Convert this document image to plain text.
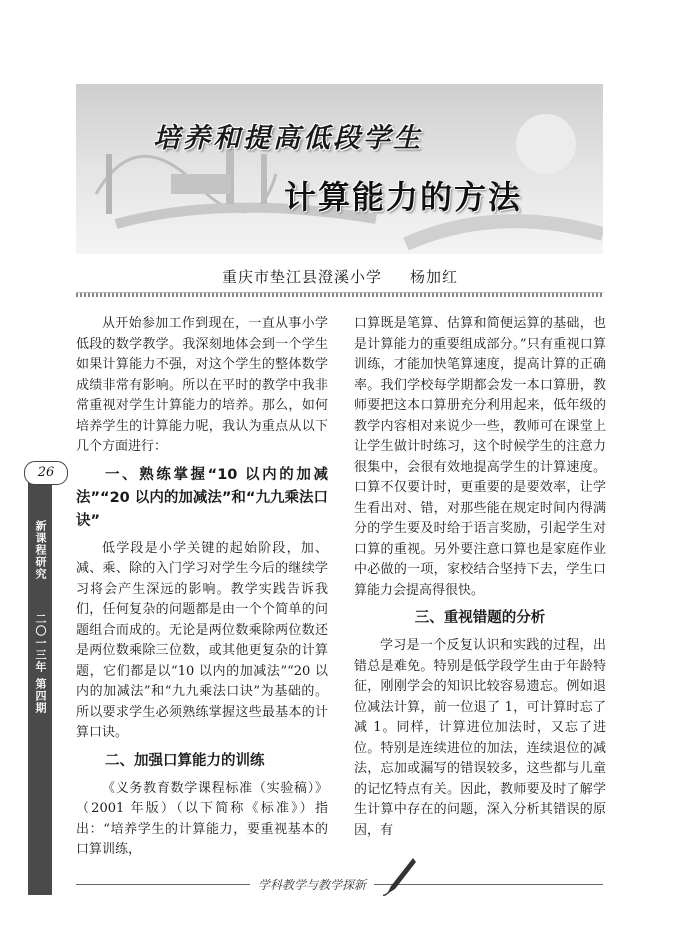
培养和提高低段学生
计算能力的方法
重庆市垫江县澄溪小学 杨加红
26
新课程研究
二〇一三年 第四期

从开始参加工作到现在，一直从事小学低段的数学教学。我深刻地体会到一个学生如果计算能力不强，对这个学生的整体数学成绩非常有影响。所以在平时的教学中我非常重视对学生计算能力的培养。那么，如何培养学生的计算能力呢，我认为重点从以下几个方面进行：

一、熟练掌握“10 以内的加减法”“20 以内的加减法”和“九九乘法口诀”

低学段是小学关键的起始阶段，加、减、乘、除的入门学习对学生今后的继续学习将会产生深远的影响。教学实践告诉我们，任何复杂的问题都是由一个个简单的问题组合而成的。无论是两位数乘除两位数还是两位数乘除三位数，或其他更复杂的计算题，它们都是以“10 以内的加减法”“20 以内的加减法”和“九九乘法口诀”为基础的。所以要求学生必须熟练掌握这些最基本的计算口诀。

二、加强口算能力的训练

《义务教育数学课程标准（实验稿）》（2001 年版）（以下简称《标准》）指出：“培养学生的计算能力，要重视基本的口算训练，

口算既是笔算、估算和简便运算的基础，也是计算能力的重要组成部分。”只有重视口算训练，才能加快笔算速度，提高计算的正确率。我们学校每学期都会发一本口算册，教师要把这本口算册充分利用起来，低年级的教学内容相对来说少一些，教师可在课堂上让学生做计时练习，这个时候学生的注意力很集中，会很有效地提高学生的计算速度。口算不仅要计时，更重要的是要效率，让学生看出对、错，对那些能在规定时间内得满分的学生要及时给于语言奖励，引起学生对口算的重视。另外要注意口算也是家庭作业中必做的一项，家校结合坚持下去，学生口算能力会提高得很快。

三、重视错题的分析

学习是一个反复认识和实践的过程，出错总是难免。特别是低学段学生由于年龄特征，刚刚学会的知识比较容易遗忘。例如退位减法计算，前一位退了 1，可计算时忘了减 1。同样，计算进位加法时，又忘了进位。特别是连续进位的加法，连续退位的减法，忘加或漏写的错误较多，这些都与儿童的记忆特点有关。因此，教师要及时了解学生计算中存在的问题，深入分析其错误的原因，有

学科教学与教学探新
